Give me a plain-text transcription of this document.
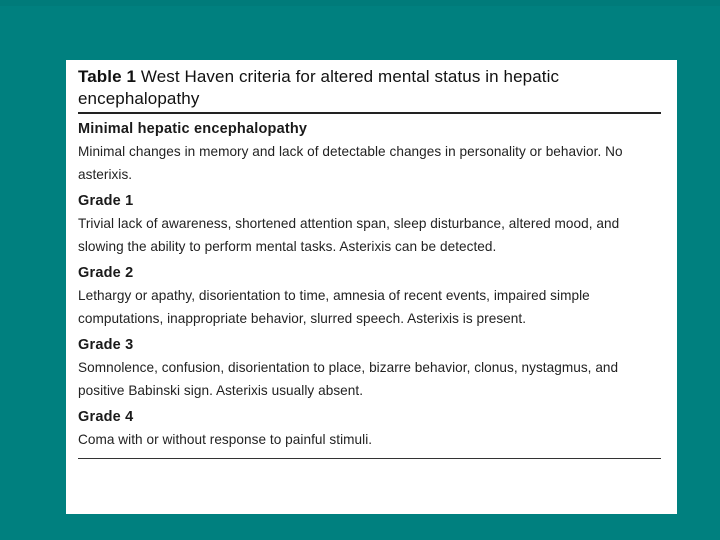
Table 1 West Haven criteria for altered mental status in hepatic encephalopathy

Minimal hepatic encephalopathy
Minimal changes in memory and lack of detectable changes in personality or behavior. No asterixis.
Grade 1
Trivial lack of awareness, shortened attention span, sleep disturbance, altered mood, and slowing the ability to perform mental tasks. Asterixis can be detected.
Grade 2
Lethargy or apathy, disorientation to time, amnesia of recent events, impaired simple computations, inappropriate behavior, slurred speech. Asterixis is present.
Grade 3
Somnolence, confusion, disorientation to place, bizarre behavior, clonus, nystagmus, and positive Babinski sign. Asterixis usually absent.
Grade 4
Coma with or without response to painful stimuli.
